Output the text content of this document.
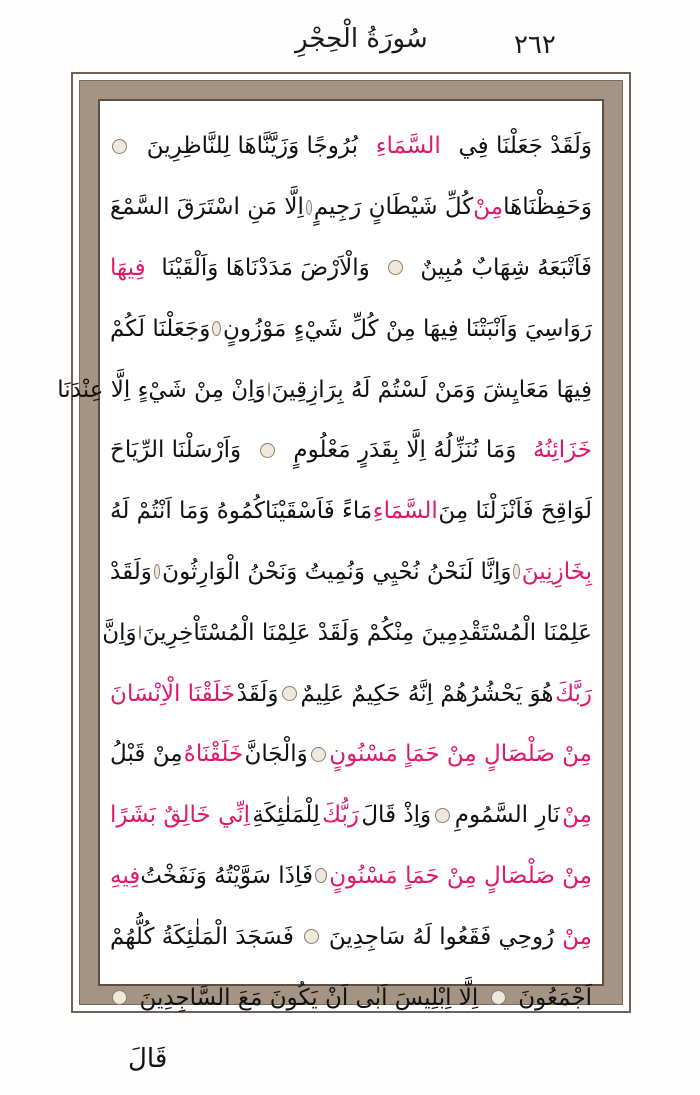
٢٦٢
سُورَةُ الْحِجْرِ
وَلَقَدْ جَعَلْنَا فِي
السَّمَاءِ
بُرُوجًا وَزَيَّنَّاهَا لِلنَّاظِرِينَ
وَحَفِظْنَاهَا
مِنْ
كُلِّ شَيْطَانٍ رَجِيمٍ
اِلَّا مَنِ اسْتَرَقَ السَّمْعَ
فَاَتْبَعَهُ شِهَابٌ مُبِينٌ
وَالْاَرْضَ مَدَدْنَاهَا وَاَلْقَيْنَا
فِيهَا
رَوَاسِيَ وَاَنْبَتْنَا فِيهَا مِنْ كُلِّ شَيْءٍ مَوْزُونٍ
وَجَعَلْنَا لَكُمْ
فِيهَا مَعَايِشَ وَمَنْ لَسْتُمْ لَهُ بِرَازِقِينَ
وَاِنْ مِنْ شَيْءٍ اِلَّا عِنْدَنَا
خَزَائِنُهُ
وَمَا نُنَزِّلُهُ اِلَّا بِقَدَرٍ مَعْلُومٍ
وَاَرْسَلْنَا الرِّيَاحَ
لَوَاقِحَ فَاَنْزَلْنَا مِنَ
السَّمَاءِ
مَاءً فَاَسْقَيْنَاكُمُوهُ وَمَا اَنْتُمْ لَهُ
بِخَازِنِينَ
وَاِنَّا لَنَحْنُ نُحْيِي وَنُمِيتُ وَنَحْنُ الْوَارِثُونَ
وَلَقَدْ
عَلِمْنَا الْمُسْتَقْدِمِينَ مِنْكُمْ وَلَقَدْ عَلِمْنَا الْمُسْتَاْخِرِينَ
وَاِنَّ
رَبَّكَ
هُوَ يَحْشُرُهُمْ اِنَّهُ حَكِيمٌ عَلِيمٌ
وَلَقَدْ
خَلَقْنَا الْاِنْسَانَ
مِنْ صَلْصَالٍ مِنْ حَمَاٍ مَسْنُونٍ
وَالْجَانَّ
خَلَقْنَاهُ
مِنْ قَبْلُ
مِنْ
نَارِ السَّمُومِ
وَاِذْ قَالَ
رَبُّكَ
لِلْمَلٰئِكَةِ
اِنِّي خَالِقٌ بَشَرًا
مِنْ صَلْصَالٍ مِنْ حَمَاٍ مَسْنُونٍ
فَاِذَا سَوَّيْتُهُ وَنَفَخْتُ
فِيهِ
مِنْ
رُوحِي فَقَعُوا لَهُ سَاجِدِينَ
فَسَجَدَ الْمَلٰئِكَةُ كُلُّهُمْ
اَجْمَعُونَ
اِلَّا اِبْلِيسَ اَبٰى اَنْ يَكُونَ مَعَ السَّاجِدِينَ
قَالَ
